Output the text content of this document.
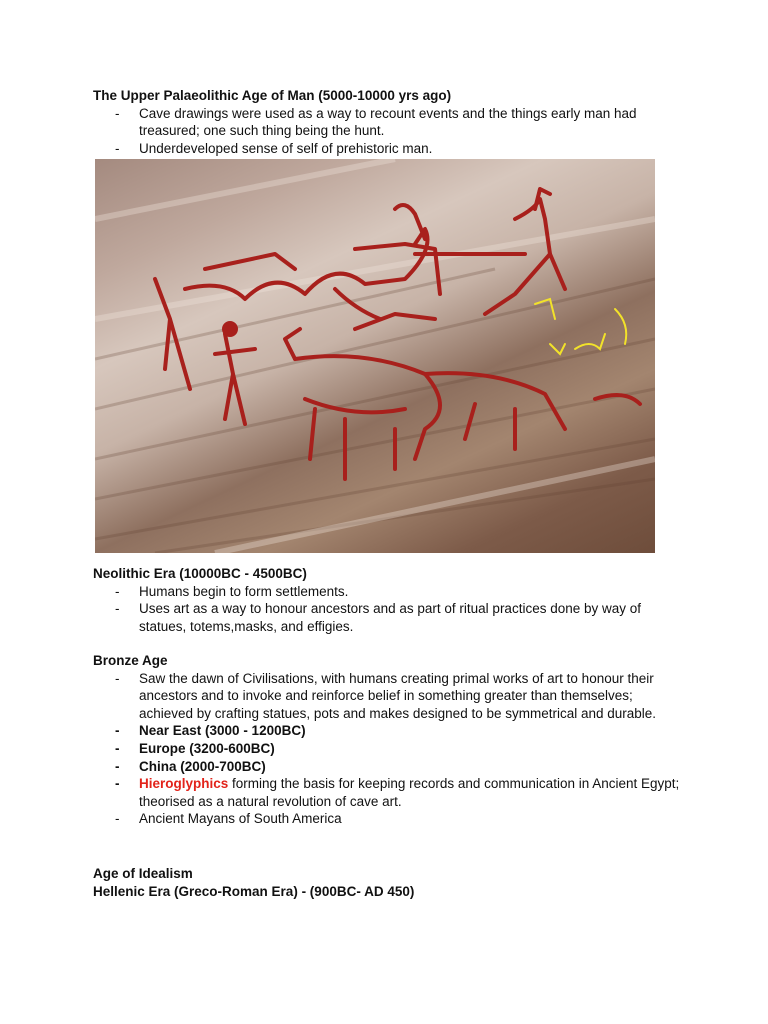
The Upper Palaeolithic Age of Man (5000-10000 yrs ago)

- Cave drawings were used as a way to recount events and the things early man had treasured; one such thing being the hunt.
- Underdeveloped sense of self of prehistoric man.

Neolithic Era (10000BC - 4500BC)

- Humans begin to form settlements.
- Uses art as a way to honour ancestors and as part of ritual practices done by way of statues, totems,masks, and effigies.

Bronze Age

- Saw the dawn of Civilisations, with humans creating primal works of art to honour their ancestors and to invoke and reinforce belief in something greater than themselves; achieved by crafting statues, pots and makes designed to be symmetrical and durable.
- Near East (3000 - 1200BC)
- Europe (3200-600BC)
- China (2000-700BC)
- Hieroglyphics forming the basis for keeping records and communication in Ancient Egypt; theorised as a natural revolution of cave art.
- Ancient Mayans of South America

Age of Idealism

Hellenic Era (Greco-Roman Era) - (900BC- AD 450)
